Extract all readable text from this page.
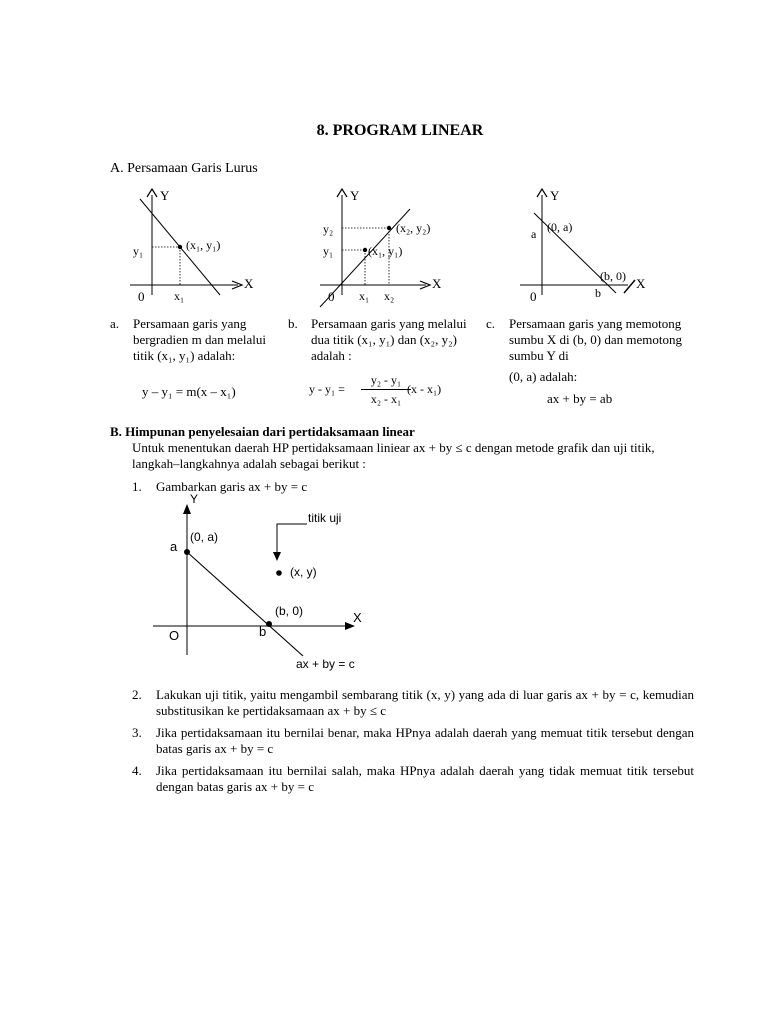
8. PROGRAM LINEAR
A. Persamaan Garis Lurus
Y
X
0
(x₁, y₁)
y₁
x₁
Y
X
0
(x₂, y₂)
(x₁, y₁)
y₂
y₁
x₁ x₂
Y
X
0
(0, a)
a
(b, 0)
b
a. Persamaan garis yang bergradien m dan melalui titik (x₁, y₁) adalah:
y – y₁ = m(x – x₁)
b. Persamaan garis yang melalui dua titik (x₁, y₁) dan (x₂, y₂) adalah :
y - y₁ =
y₂ - y₁
x₂ - x₁
(x - x₁)
c. Persamaan garis yang memotong sumbu X di (b, 0) dan memotong sumbu Y di
(0, a) adalah:
ax + by = ab
B. Himpunan penyelesaian dari pertidaksamaan linear
Untuk menentukan daerah HP pertidaksamaan liniear ax + by ≤ c dengan metode grafik dan uji titik, langkah–langkahnya adalah sebagai berikut :
1. Gambarkan garis ax + by = c
Y
X
O
(0, a)
a
(b, 0)
b
titik uji
(x, y)
ax + by = c
2. Lakukan uji titik, yaitu mengambil sembarang titik (x, y) yang ada di luar garis ax + by = c, kemudian substitusikan ke pertidaksamaan ax + by ≤ c
3. Jika pertidaksamaan itu bernilai benar, maka HPnya adalah daerah yang memuat titik tersebut dengan batas garis ax + by = c
4. Jika pertidaksamaan itu bernilai salah, maka HPnya adalah daerah yang tidak memuat titik tersebut dengan batas garis ax + by = c
